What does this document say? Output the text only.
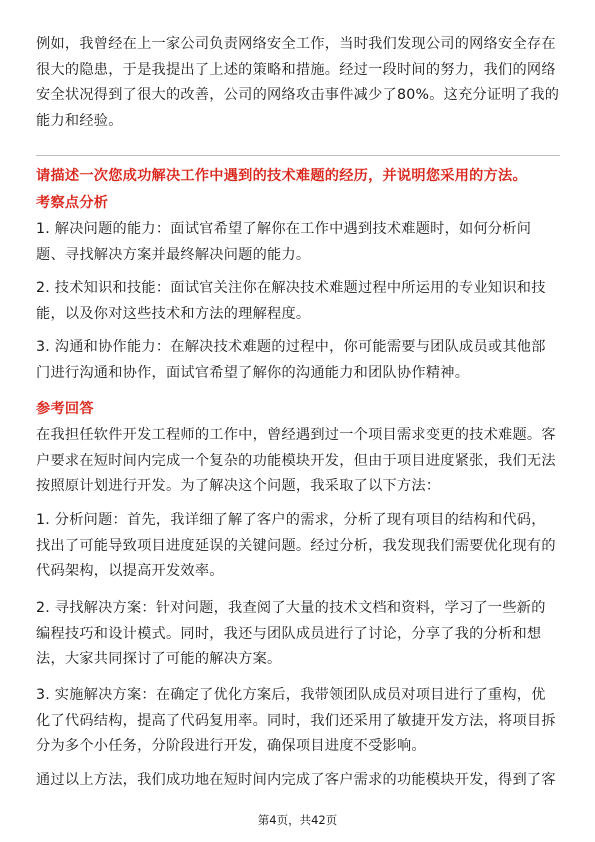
例如，我曾经在上一家公司负责网络安全工作，当时我们发现公司的网络安全存在很大的隐患，于是我提出了上述的策略和措施。经过一段时间的努力，我们的网络安全状况得到了很大的改善，公司的网络攻击事件减少了80%。这充分证明了我的能力和经验。

请描述一次您成功解决工作中遇到的技术难题的经历，并说明您采用的方法。

考察点分析

1. 解决问题的能力：面试官希望了解你在工作中遇到技术难题时，如何分析问题、寻找解决方案并最终解决问题的能力。

2. 技术知识和技能：面试官关注你在解决技术难题过程中所运用的专业知识和技能，以及你对这些技术和方法的理解程度。

3. 沟通和协作能力：在解决技术难题的过程中，你可能需要与团队成员或其他部门进行沟通和协作，面试官希望了解你的沟通能力和团队协作精神。

参考回答

在我担任软件开发工程师的工作中，曾经遇到过一个项目需求变更的技术难题。客户要求在短时间内完成一个复杂的功能模块开发，但由于项目进度紧张，我们无法按照原计划进行开发。为了解决这个问题，我采取了以下方法：

1. 分析问题：首先，我详细了解了客户的需求，分析了现有项目的结构和代码，找出了可能导致项目进度延误的关键问题。经过分析，我发现我们需要优化现有的代码架构，以提高开发效率。

2. 寻找解决方案：针对问题，我查阅了大量的技术文档和资料，学习了一些新的编程技巧和设计模式。同时，我还与团队成员进行了讨论，分享了我的分析和想法，大家共同探讨了可能的解决方案。

3. 实施解决方案：在确定了优化方案后，我带领团队成员对项目进行了重构，优化了代码结构，提高了代码复用率。同时，我们还采用了敏捷开发方法，将项目拆分为多个小任务，分阶段进行开发，确保项目进度不受影响。

通过以上方法，我们成功地在短时间内完成了客户需求的功能模块开发，得到了客

第4页，共42页
